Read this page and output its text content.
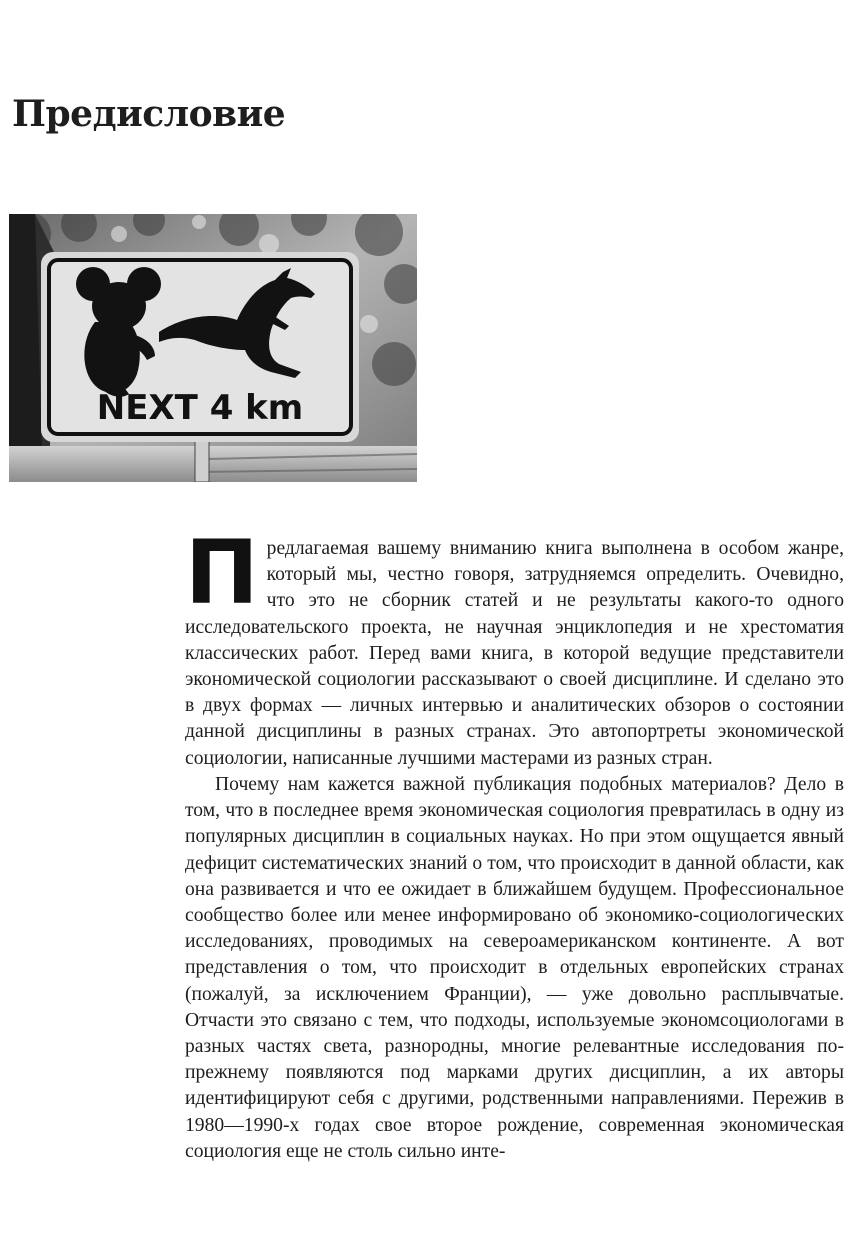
Предисловие
NEXT 4 km

Предлагаемая вашему вниманию книга выполнена в особом жанре, который мы, честно говоря, затрудняемся определить. Очевидно, что это не сборник статей и не результаты какого-то одного исследовательского проекта, не научная энциклопедия и не хрестоматия классических работ. Перед вами книга, в которой ведущие представители экономической социологии рассказывают о своей дисциплине. И сделано это в двух формах — личных интервью и аналитических обзоров о состоянии данной дисциплины в разных странах. Это автопортреты экономической социологии, написанные лучшими мастерами из разных стран.

Почему нам кажется важной публикация подобных материалов? Дело в том, что в последнее время экономическая социология превратилась в одну из популярных дисциплин в социальных науках. Но при этом ощущается явный дефицит систематических знаний о том, что происходит в данной области, как она развивается и что ее ожидает в ближайшем будущем. Профессиональное сообщество более или менее информировано об экономико-социологических исследованиях, проводимых на североамериканском континенте. А вот представления о том, что происходит в отдельных европейских странах (пожалуй, за исключением Франции), — уже довольно расплывчатые. Отчасти это связано с тем, что подходы, используемые экономсоциологами в разных частях света, разнородны, многие релевантные исследования по-прежнему появляются под марками других дисциплин, а их авторы идентифицируют себя с другими, родственными направлениями. Пережив в 1980—1990-х годах свое второе рождение, современная экономическая социология еще не столь сильно инте-
